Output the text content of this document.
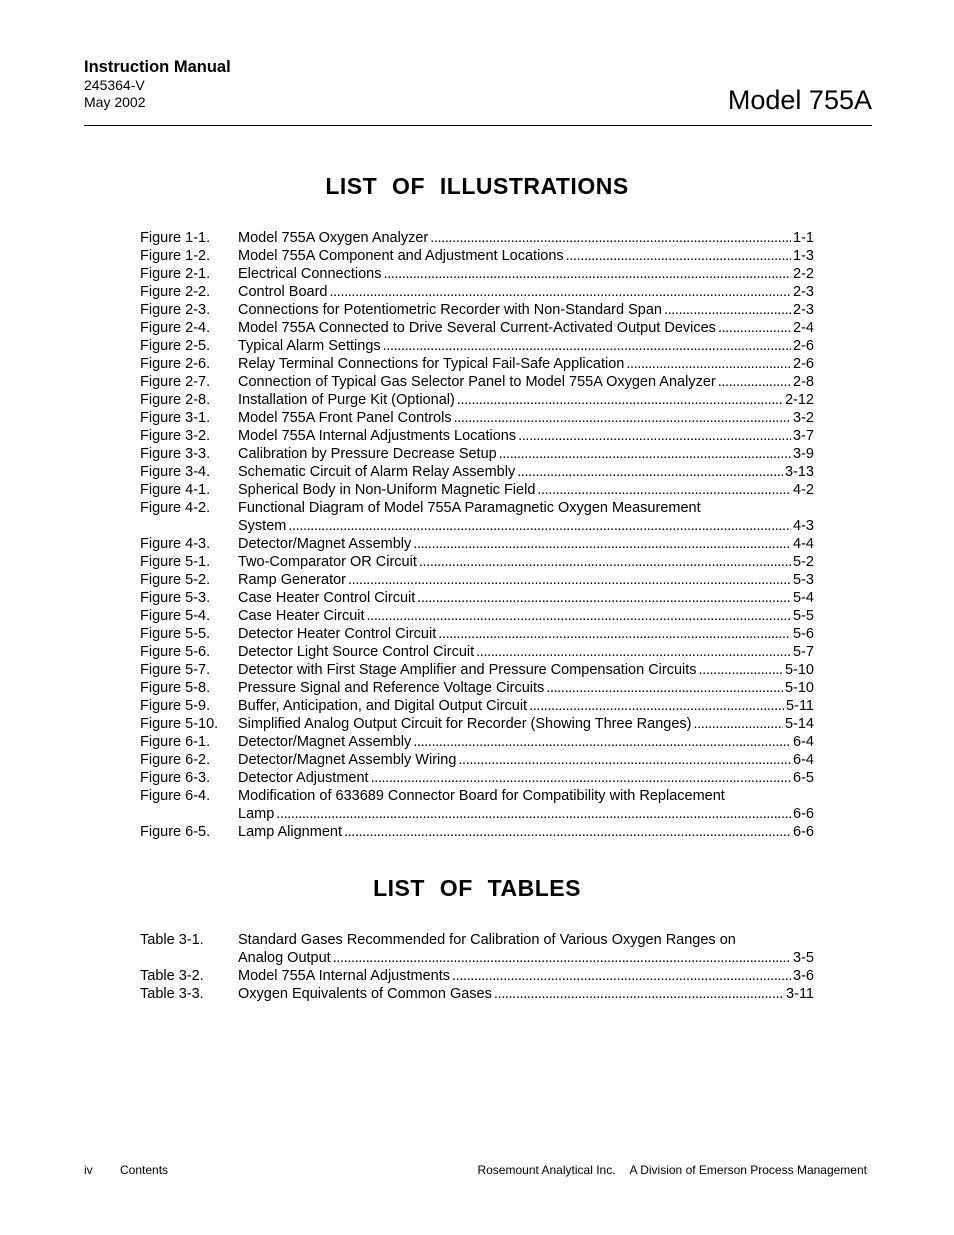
Instruction Manual
245364-V
May 2002	Model 755A
LIST OF ILLUSTRATIONS
Figure 1-1.	Model 755A Oxygen Analyzer . . .	1-1
Figure 1-2.	Model 755A Component and Adjustment Locations . . .	1-3
Figure 2-1.	Electrical Connections . . .	2-2
Figure 2-2.	Control Board . . .	2-3
Figure 2-3.	Connections for Potentiometric Recorder with Non-Standard Span . . .	2-3
Figure 2-4.	Model 755A Connected to Drive Several Current-Activated Output Devices . . .	2-4
Figure 2-5.	Typical Alarm Settings . . .	2-6
Figure 2-6.	Relay Terminal Connections for Typical Fail-Safe Application . . .	2-6
Figure 2-7.	Connection of Typical Gas Selector Panel to Model 755A Oxygen Analyzer . . .	2-8
Figure 2-8.	Installation of Purge Kit (Optional) . . .	2-12
Figure 3-1.	Model 755A Front Panel Controls . . .	3-2
Figure 3-2.	Model 755A Internal Adjustments Locations . . .	3-7
Figure 3-3.	Calibration by Pressure Decrease Setup . . .	3-9
Figure 3-4.	Schematic Circuit of Alarm Relay Assembly . . .	3-13
Figure 4-1.	Spherical Body in Non-Uniform Magnetic Field . . .	4-2
Figure 4-2.	Functional Diagram of Model 755A Paramagnetic Oxygen Measurement
System . . .	4-3
Figure 4-3.	Detector/Magnet Assembly . . .	4-4
Figure 5-1.	Two-Comparator OR Circuit . . .	5-2
Figure 5-2.	Ramp Generator . . .	5-3
Figure 5-3.	Case Heater Control Circuit . . .	5-4
Figure 5-4.	Case Heater Circuit . . .	5-5
Figure 5-5.	Detector Heater Control Circuit . . .	5-6
Figure 5-6.	Detector Light Source Control Circuit . . .	5-7
Figure 5-7.	Detector with First Stage Amplifier and Pressure Compensation Circuits . . .	5-10
Figure 5-8.	Pressure Signal and Reference Voltage Circuits . . .	5-10
Figure 5-9.	Buffer, Anticipation, and Digital Output Circuit . . .	5-11
Figure 5-10.	Simplified Analog Output Circuit for Recorder (Showing Three Ranges) . . .	5-14
Figure 6-1.	Detector/Magnet Assembly . . .	6-4
Figure 6-2.	Detector/Magnet Assembly Wiring . . .	6-4
Figure 6-3.	Detector Adjustment . . .	6-5
Figure 6-4.	Modification of 633689 Connector Board for Compatibility with Replacement
Lamp . . .	6-6
Figure 6-5.	Lamp Alignment . . .	6-6
LIST OF TABLES
Table 3-1.	Standard Gases Recommended for Calibration of Various Oxygen Ranges on
Analog Output . . .	3-5
Table 3-2.	Model 755A Internal Adjustments . . .	3-6
Table 3-3.	Oxygen Equivalents of Common Gases . . .	3-11
iv Contents	Rosemount Analytical Inc. A Division of Emerson Process Management
